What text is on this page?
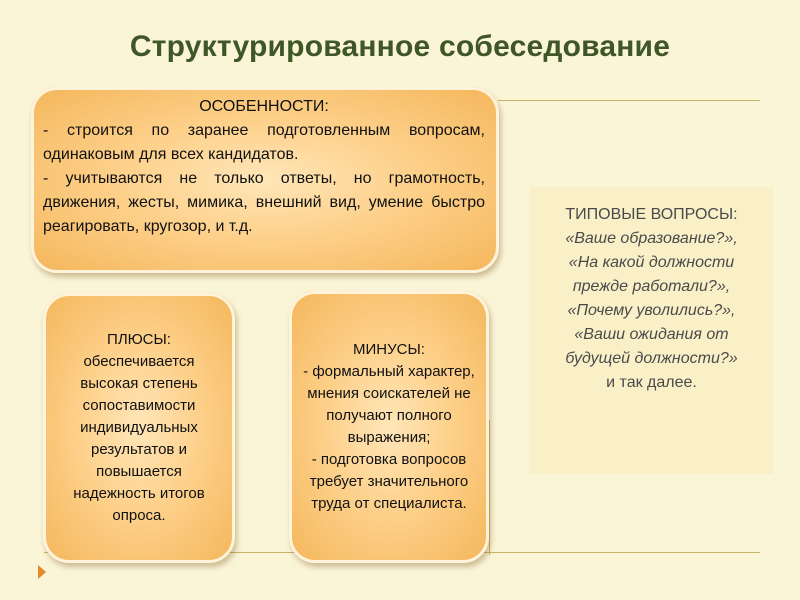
Структурированное собеседование
ОСОБЕННОСТИ:
- строится по заранее подготовленным вопросам, одинаковым для всех кандидатов.
- учитываются не только ответы, но грамотность, движения, жесты, мимика, внешний вид, умение быстро реагировать, кругозор, и т.д.
ПЛЮСЫ:
обеспечивается высокая степень сопоставимости индивидуальных результатов и повышается надежность итогов опроса.
МИНУСЫ:
- формальный характер, мнения соискателей не получают полного выражения;
- подготовка вопросов требует значительного труда от специалиста.
ТИПОВЫЕ ВОПРОСЫ:
«Ваше образование?»,
«На какой должности прежде работали?»,
«Почему уволились?»,
«Ваши ожидания от будущей должности?»
и так далее.
